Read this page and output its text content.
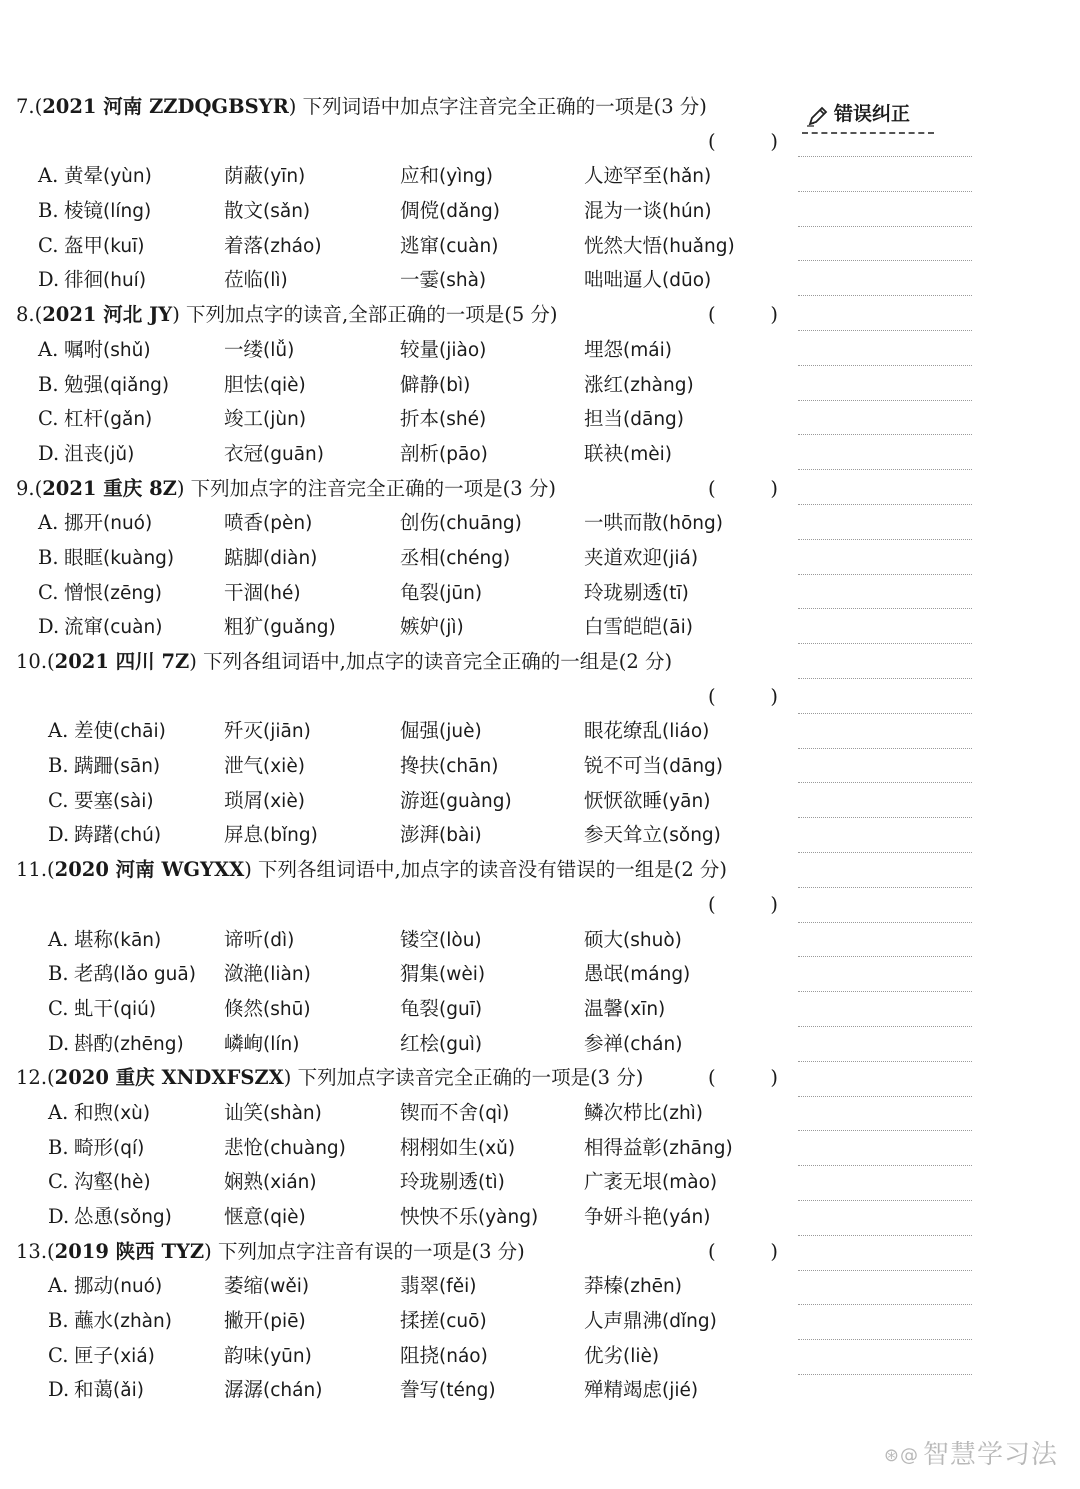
7.(2021 河南 ZZDQGBSYR) 下列词语中加点字注音完全正确的一项是(3 分)
(	)
A. 黄晕(yùn)	荫蔽(yīn)	应和(yìng)	人迹罕至(hǎn)
B. 棱镜(líng)	散文(sǎn)	倜傥(dǎng)	混为一谈(hún)
C. 盔甲(kuī)	着落(zháo)	逃窜(cuàn)	恍然大悟(huǎng)
D. 徘徊(huí)	莅临(lì)	一霎(shà)	咄咄逼人(dūo)
8.(2021 河北 JY) 下列加点字的读音,全部正确的一项是(5 分)	(	)
A. 嘱咐(shǔ)	一缕(lǚ)	较量(jiào)	埋怨(mái)
B. 勉强(qiǎng)	胆怯(qiè)	僻静(bì)	涨红(zhàng)
C. 杠杆(gǎn)	竣工(jùn)	折本(shé)	担当(dāng)
D. 沮丧(jǔ)	衣冠(guān)	剖析(pāo)	联袂(mèi)
9.(2021 重庆 8Z) 下列加点字的注音完全正确的一项是(3 分)	(	)
A. 挪开(nuó)	喷香(pèn)	创伤(chuāng)	一哄而散(hōng)
B. 眼眶(kuàng)	踮脚(diàn)	丞相(chéng)	夹道欢迎(jiá)
C. 憎恨(zēng)	干涸(hé)	龟裂(jūn)	玲珑剔透(tī)
D. 流窜(cuàn)	粗犷(guǎng)	嫉妒(jì)	白雪皑皑(āi)
10.(2021 四川 7Z) 下列各组词语中,加点字的读音完全正确的一组是(2 分)
(	)
A. 差使(chāi)	歼灭(jiān)	倔强(juè)	眼花缭乱(liáo)
B. 蹒跚(sān)	泄气(xiè)	搀扶(chān)	锐不可当(dāng)
C. 要塞(sài)	琐屑(xiè)	游逛(guàng)	恹恹欲睡(yān)
D. 踌躇(chú)	屏息(bǐng)	澎湃(bài)	参天耸立(sǒng)
11.(2020 河南 WGYXX) 下列各组词语中,加点字的读音没有错误的一组是(2 分)
(	)
A. 堪称(kān)	谛听(dì)	镂空(lòu)	硕大(shuò)
B. 老鸹(lǎo guā) 潋滟(liàn)	猬集(wèi)	愚氓(máng)
C. 虬干(qiú)	倏然(shū)	龟裂(guī)	温馨(xīn)
D. 斟酌(zhēng) 嶙峋(lín)	红桧(guì)	参禅(chán)
12.(2020 重庆 XNDXFSZX) 下列加点字读音完全正确的一项是(3 分)	(	)
A. 和煦(xù)	讪笑(shàn)	锲而不舍(qì)	鳞次栉比(zhì)
B. 畸形(qí)	悲怆(chuàng)	栩栩如生(xǔ)	相得益彰(zhāng)
C. 沟壑(hè)	娴熟(xián)	玲珑剔透(tì)	广袤无垠(mào)
D. 怂恿(sǒng)	惬意(qiè)	怏怏不乐(yàng) 争妍斗艳(yán)
13.(2019 陕西 TYZ) 下列加点字注音有误的一项是(3 分)	(	)
A. 挪动(nuó)	萎缩(wěi)	翡翠(fěi)	莽榛(zhēn)
B. 蘸水(zhàn)	撇开(piē)	揉搓(cuō)	人声鼎沸(dǐng)
C. 匣子(xiá)	韵味(yūn)	阻挠(náo)	优劣(liè)
D. 和蔼(ǎi)	潺潺(chán)	誊写(téng)	殚精竭虑(jié)
错误纠正
⊛@ 智慧学习法
